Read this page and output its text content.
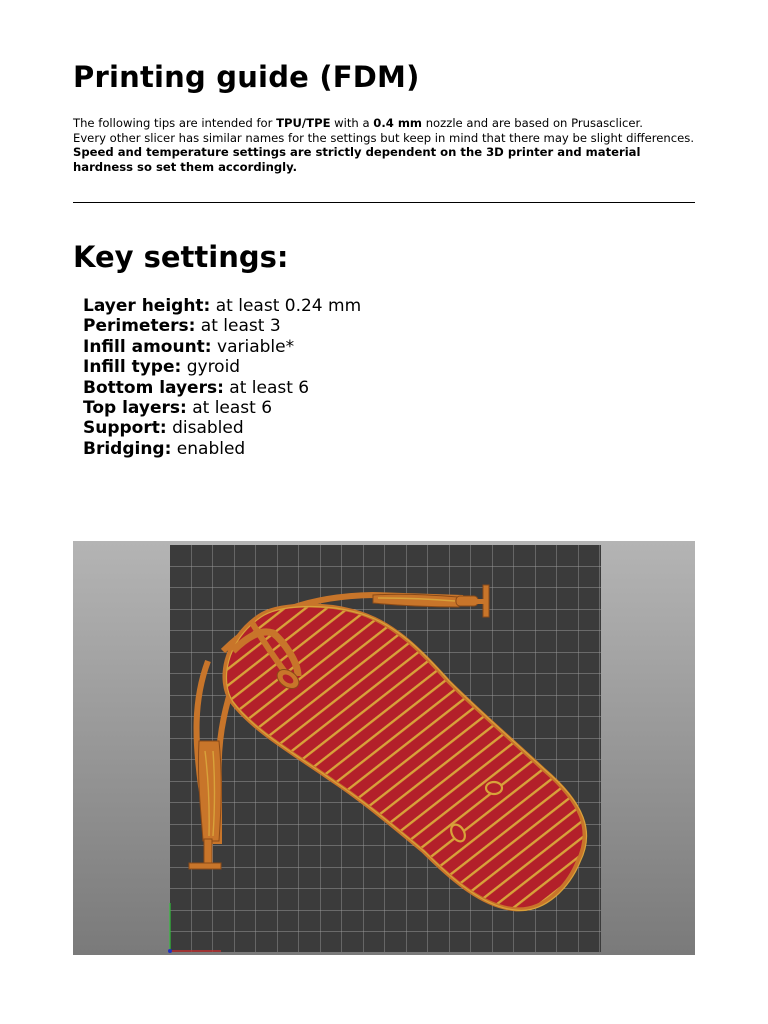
Printing guide (FDM)

The following tips are intended for TPU/TPE with a 0.4 mm nozzle and are based on Prusasclicer.

Every other slicer has similar names for the settings but keep in mind that there may be slight differences.

Speed and temperature settings are strictly dependent on the 3D printer and material hardness so set them accordingly.

Key settings:
Layer height: at least 0.24 mm
Perimeters: at least 3
Infill amount: variable*
Infill type: gyroid
Bottom layers: at least 6
Top layers: at least 6
Support: disabled
Bridging: enabled
